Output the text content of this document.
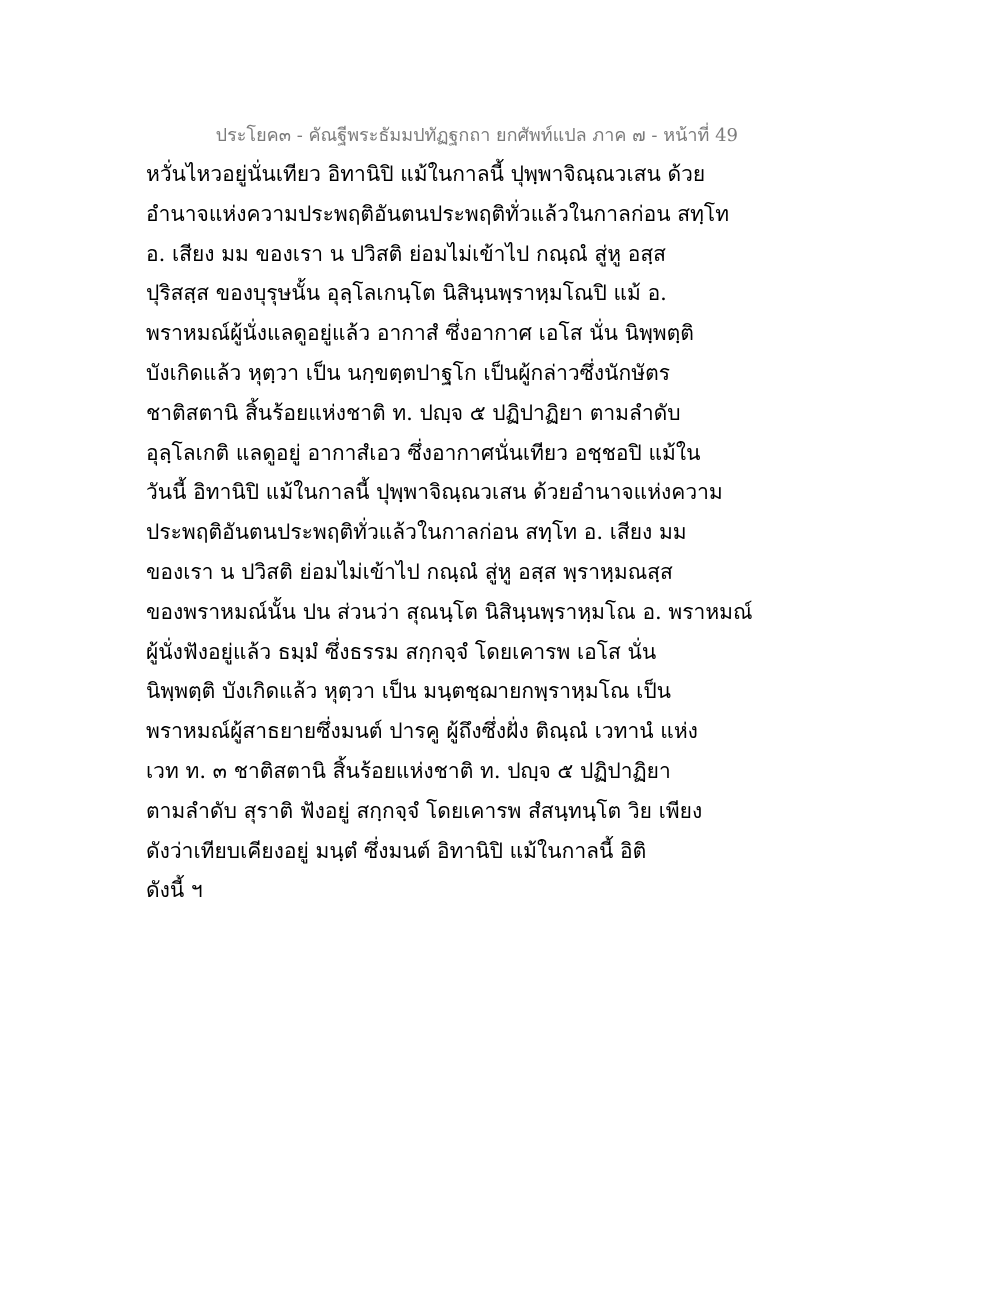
ประโยค๓ - คัณฐีพระธัมมปทัฏฐกถา ยกศัพท์แปล ภาค ๗ - หน้าที่ 49
หวั่นไหวอยู่นั่นเทียว อิทานิปิ แม้ในกาลนี้ ปุพฺพาจิณฺณวเสน ด้วย
อำนาจแห่งความประพฤติอันตนประพฤติทั่วแล้วในกาลก่อน สทฺโท
อ. เสียง มม ของเรา น ปวิสติ ย่อมไม่เข้าไป กณฺณํ สู่หู อสฺส
ปุริสสฺส ของบุรุษนั้น อุลฺโลเกนฺโต นิสินฺนพฺราหฺมโณปิ แม้ อ.
พราหมณ์ผู้นั่งแลดูอยู่แล้ว อากาสํ ซึ่งอากาศ เอโส นั่น นิพฺพตฺติ
บังเกิดแล้ว หุตฺวา เป็น นกฺขตฺตปาฐโก เป็นผู้กล่าวซึ่งนักษัตร
ชาติสตานิ สิ้นร้อยแห่งชาติ ท. ปญฺจ ๕ ปฏิปาฏิยา ตามลำดับ
อุลฺโลเกติ แลดูอยู่ อากาสํเอว ซึ่งอากาศนั่นเทียว อชฺชอปิ แม้ใน
วันนี้ อิทานิปิ แม้ในกาลนี้ ปุพฺพาจิณฺณวเสน ด้วยอำนาจแห่งความ
ประพฤติอันตนประพฤติทั่วแล้วในกาลก่อน สทฺโท อ. เสียง มม
ของเรา น ปวิสติ ย่อมไม่เข้าไป กณฺณํ สู่หู อสฺส พฺราหฺมณสฺส
ของพราหมณ์นั้น ปน ส่วนว่า สุณนฺโต นิสินฺนพฺราหฺมโณ อ. พราหมณ์
ผู้นั่งฟังอยู่แล้ว ธมฺมํ ซึ่งธรรม สกฺกจฺจํ โดยเคารพ เอโส นั่น
นิพฺพตฺติ บังเกิดแล้ว หุตฺวา เป็น มนฺตชฺฌายกพฺราหฺมโณ เป็น
พราหมณ์ผู้สาธยายซึ่งมนต์ ปารคู ผู้ถึงซึ่งฝั่ง ติณฺณํ เวทานํ แห่ง
เวท ท. ๓ ชาติสตานิ สิ้นร้อยแห่งชาติ ท. ปญฺจ ๕ ปฏิปาฏิยา
ตามลำดับ สุราติ ฟังอยู่ สกฺกจฺจํ โดยเคารพ สํสนฺทนฺโต วิย เพียง
ดังว่าเทียบเคียงอยู่ มนฺตํ ซึ่งมนต์ อิทานิปิ แม้ในกาลนี้ อิติ
ดังนี้ ฯ
